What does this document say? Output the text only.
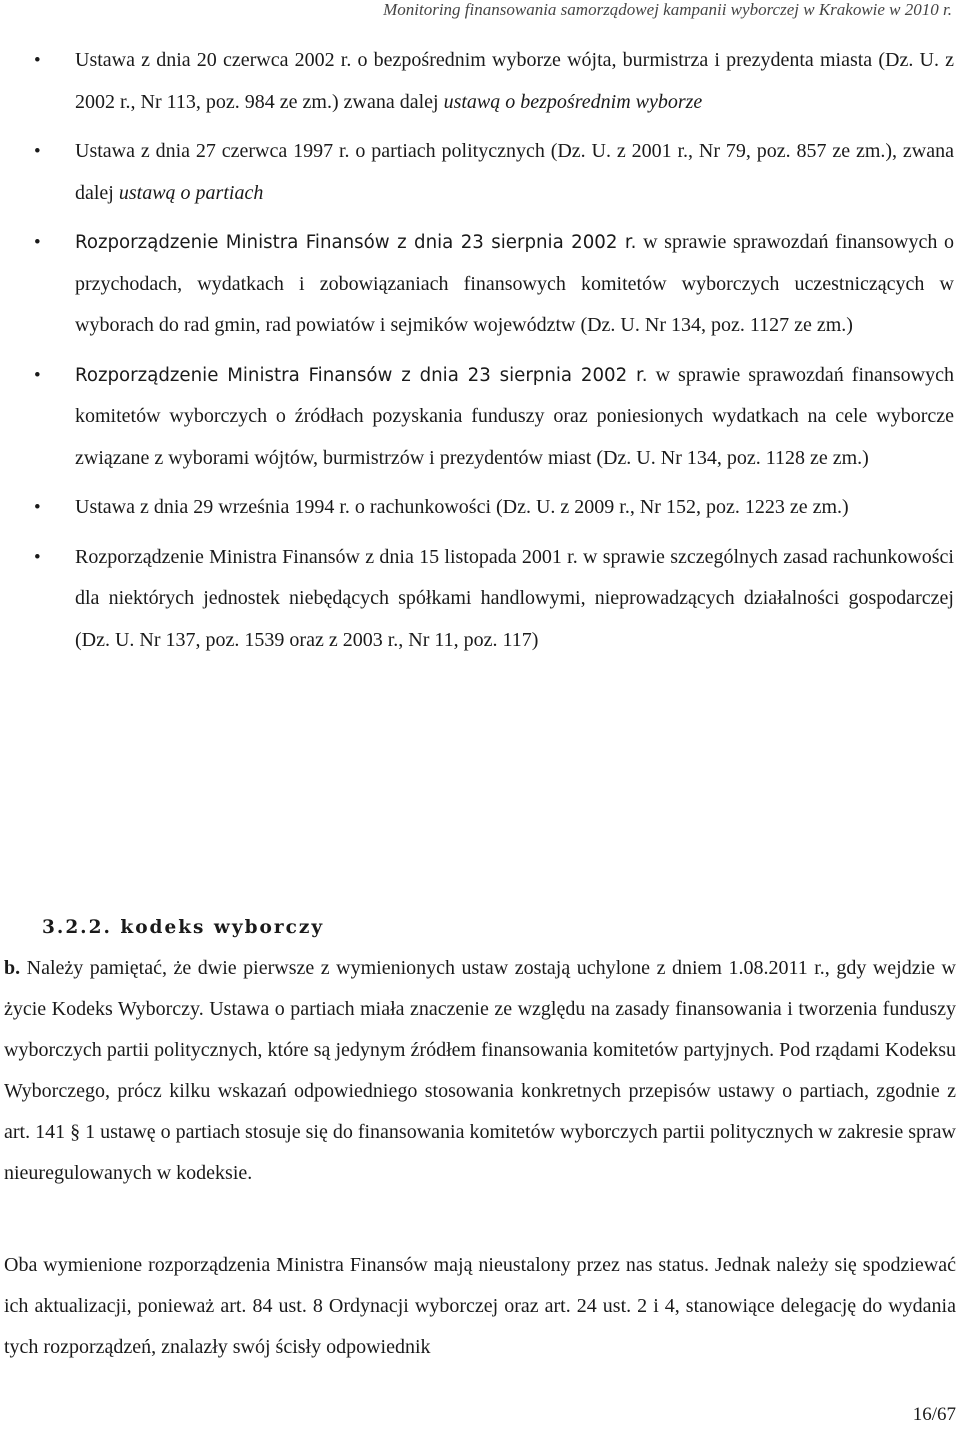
Monitoring finansowania samorządowej kampanii wyborczej w Krakowie w 2010 r.
• Ustawa z dnia 20 czerwca 2002 r. o bezpośrednim wyborze wójta, burmistrza i prezydenta miasta (Dz. U. z 2002 r., Nr 113, poz. 984 ze zm.) zwana dalej ustawą o bezpośrednim wyborze
• Ustawa z dnia 27 czerwca 1997 r. o partiach politycznych (Dz. U. z 2001 r., Nr 79, poz. 857 ze zm.), zwana dalej ustawą o partiach
• Rozporządzenie Ministra Finansów z dnia 23 sierpnia 2002 r. w sprawie sprawozdań finansowych o przychodach, wydatkach i zobowiązaniach finansowych komitetów wyborczych uczestniczących w wyborach do rad gmin, rad powiatów i sejmików województw (Dz. U. Nr 134, poz. 1127 ze zm.)
• Rozporządzenie Ministra Finansów z dnia 23 sierpnia 2002 r. w sprawie sprawozdań finansowych komitetów wyborczych o źródłach pozyskania funduszy oraz poniesionych wydatkach na cele wyborcze związane z wyborami wójtów, burmistrzów i prezydentów miast (Dz. U. Nr 134, poz. 1128 ze zm.)
• Ustawa z dnia 29 września 1994 r. o rachunkowości (Dz. U. z 2009 r., Nr 152, poz. 1223 ze zm.)
• Rozporządzenie Ministra Finansów z dnia 15 listopada 2001 r. w sprawie szczególnych zasad rachunkowości dla niektórych jednostek niebędących spółkami handlowymi, nieprowadzących działalności gospodarczej (Dz. U. Nr 137, poz. 1539 oraz z 2003 r., Nr 11, poz. 117)
3.2.2. kodeks wyborczy
b. Należy pamiętać, że dwie pierwsze z wymienionych ustaw zostają uchylone z dniem 1.08.2011 r., gdy wejdzie w życie Kodeks Wyborczy. Ustawa o partiach miała znaczenie ze względu na zasady finansowania i tworzenia funduszy wyborczych partii politycznych, które są jedynym źródłem finansowania komitetów partyjnych. Pod rządami Kodeksu Wyborczego, prócz kilku wskazań odpowiedniego stosowania konkretnych przepisów ustawy o partiach, zgodnie z art. 141 § 1 ustawę o partiach stosuje się do finansowania komitetów wyborczych partii politycznych w zakresie spraw nieuregulowanych w kodeksie.
Oba wymienione rozporządzenia Ministra Finansów mają nieustalony przez nas status. Jednak należy się spodziewać ich aktualizacji, ponieważ art. 84 ust. 8 Ordynacji wyborczej oraz art. 24 ust. 2 i 4, stanowiące delegację do wydania tych rozporządzeń, znalazły swój ścisły odpowiednik
16/67
